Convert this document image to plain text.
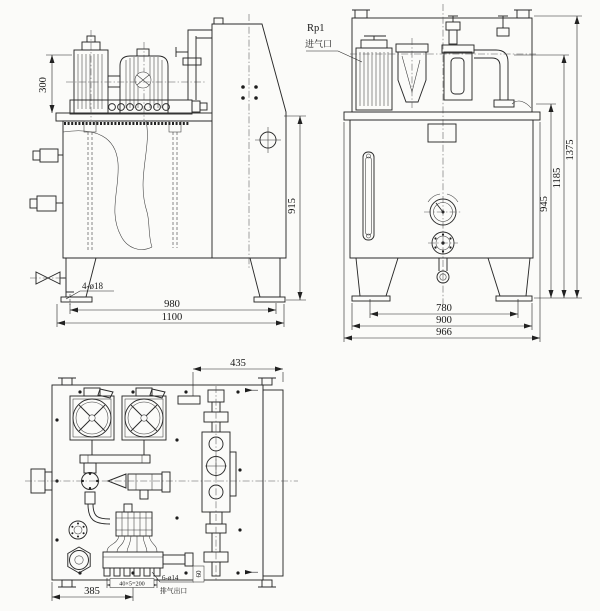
300
915
4-ø18
980
1100
Rp1
进气口
945
1185
1375
780
900
966
435
385
40×5=200
6-ø14
排气出口
60
